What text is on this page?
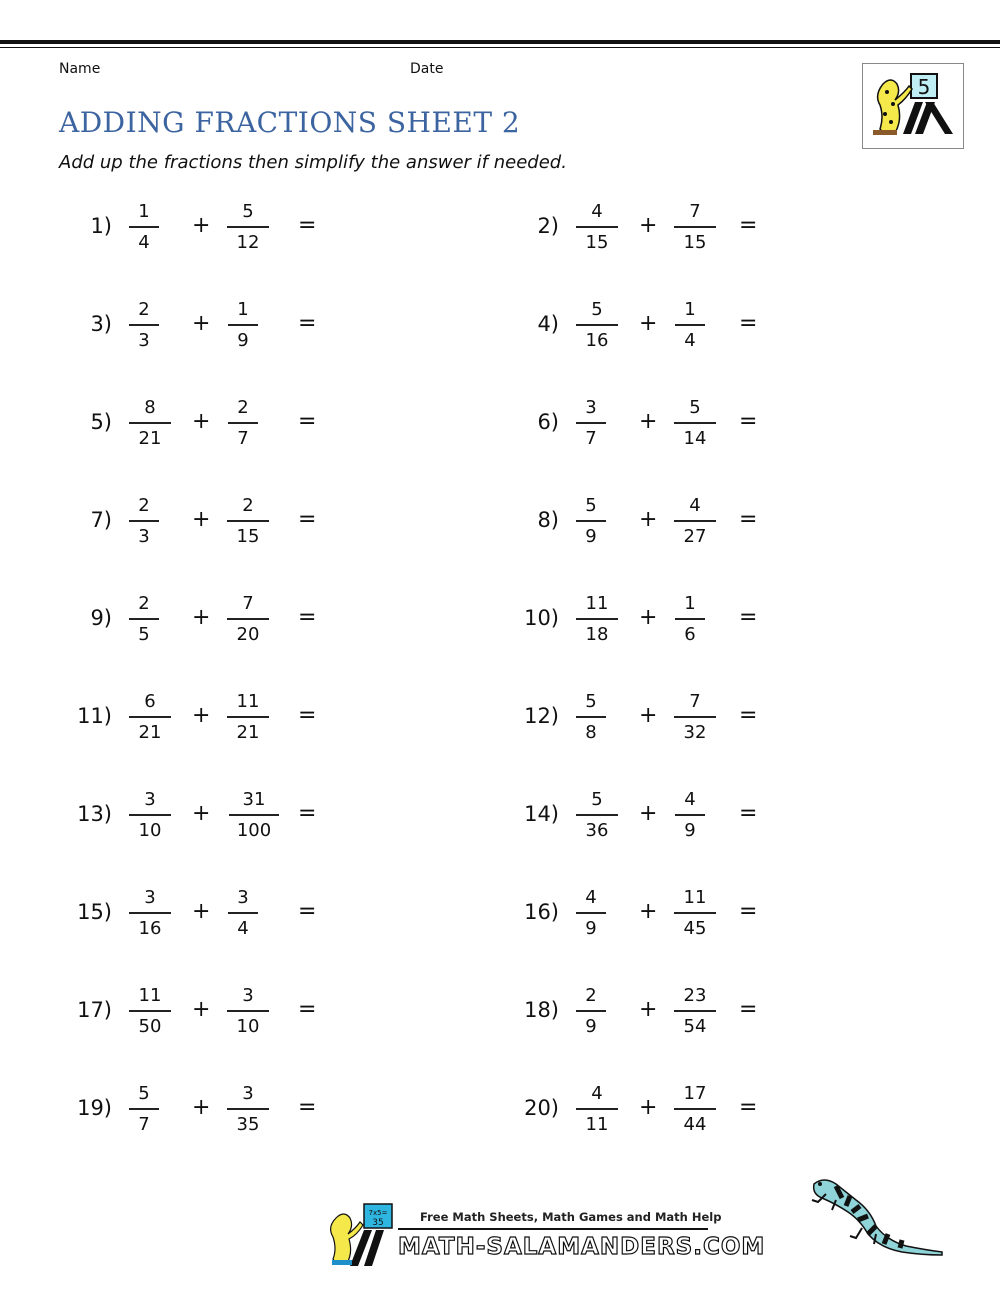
Name	Date
ADDING FRACTIONS SHEET 2
Add up the fractions then simplify the answer if needed.
5
1)
1
4
+
5
12
=	2)
4
15
+
7
15
=
3)
2
3
+
1
9
=	4)
5
16
+
1
4
=
5)
8
21
+
2
7
=	6)
3
7
+
5
14
=
7)
2
3
+
2
15
=	8)
5
9
+
4
27
=
9)
2
5
+
7
20
=	10)
11
18
+
1
6
=
11)
6
21
+
11
21
=	12)
5
8
+
7
32
=
13)
3
10
+
31
100
=	14)
5
36
+
4
9
=
15)
3
16
+
3
4
=	16)
4
9
+
11
45
=
17)
11
50
+
3
10
=	18)
2
9
+
23
54
=
19)
5
7
+
3
35
=	20)
4
11
+
17
44
=
7x5=
35	Free Math Sheets, Math Games and Math Help
MATH-SALAMANDERS.COM
